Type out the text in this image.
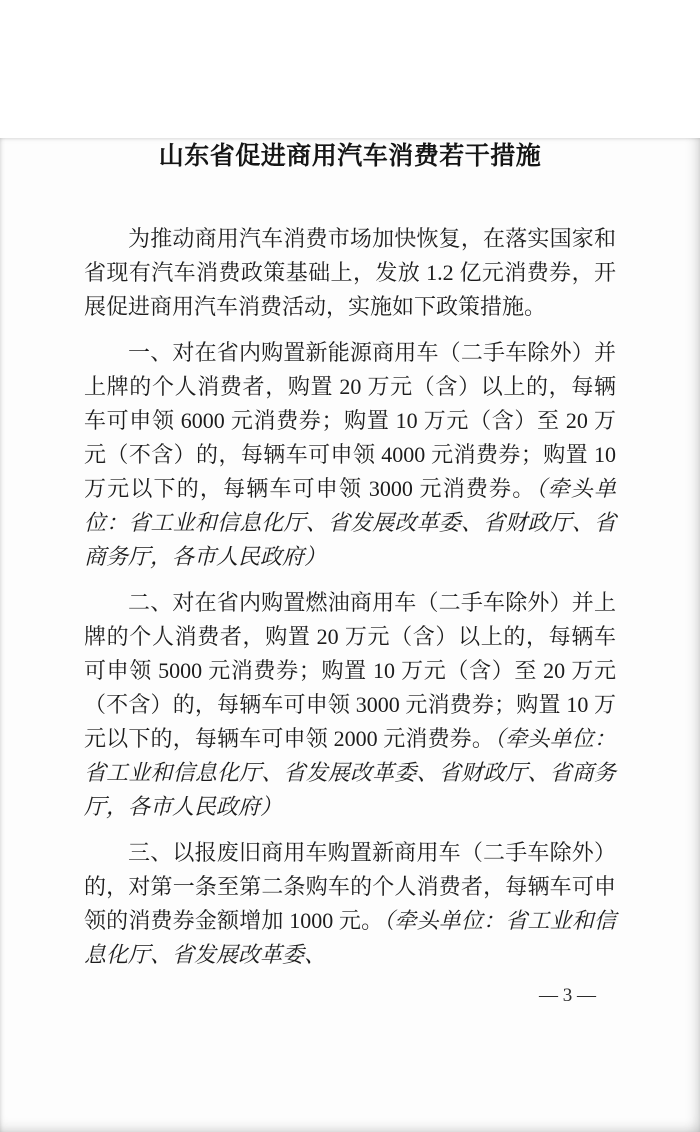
山东省促进商用汽车消费若干措施

为推动商用汽车消费市场加快恢复，在落实国家和省现有汽车消费政策基础上，发放 1.2 亿元消费券，开展促进商用汽车消费活动，实施如下政策措施。

一、对在省内购置新能源商用车（二手车除外）并上牌的个人消费者，购置 20 万元（含）以上的，每辆车可申领 6000 元消费券；购置 10 万元（含）至 20 万元（不含）的，每辆车可申领 4000 元消费券；购置 10 万元以下的，每辆车可申领 3000 元消费券。（牵头单位：省工业和信息化厅、省发展改革委、省财政厅、省商务厅，各市人民政府）

二、对在省内购置燃油商用车（二手车除外）并上牌的个人消费者，购置 20 万元（含）以上的，每辆车可申领 5000 元消费券；购置 10 万元（含）至 20 万元（不含）的，每辆车可申领 3000 元消费券；购置 10 万元以下的，每辆车可申领 2000 元消费券。（牵头单位：省工业和信息化厅、省发展改革委、省财政厅、省商务厅，各市人民政府）

三、以报废旧商用车购置新商用车（二手车除外）的，对第一条至第二条购车的个人消费者，每辆车可申领的消费券金额增加 1000 元。（牵头单位：省工业和信息化厅、省发展改革委、

— 3 —
